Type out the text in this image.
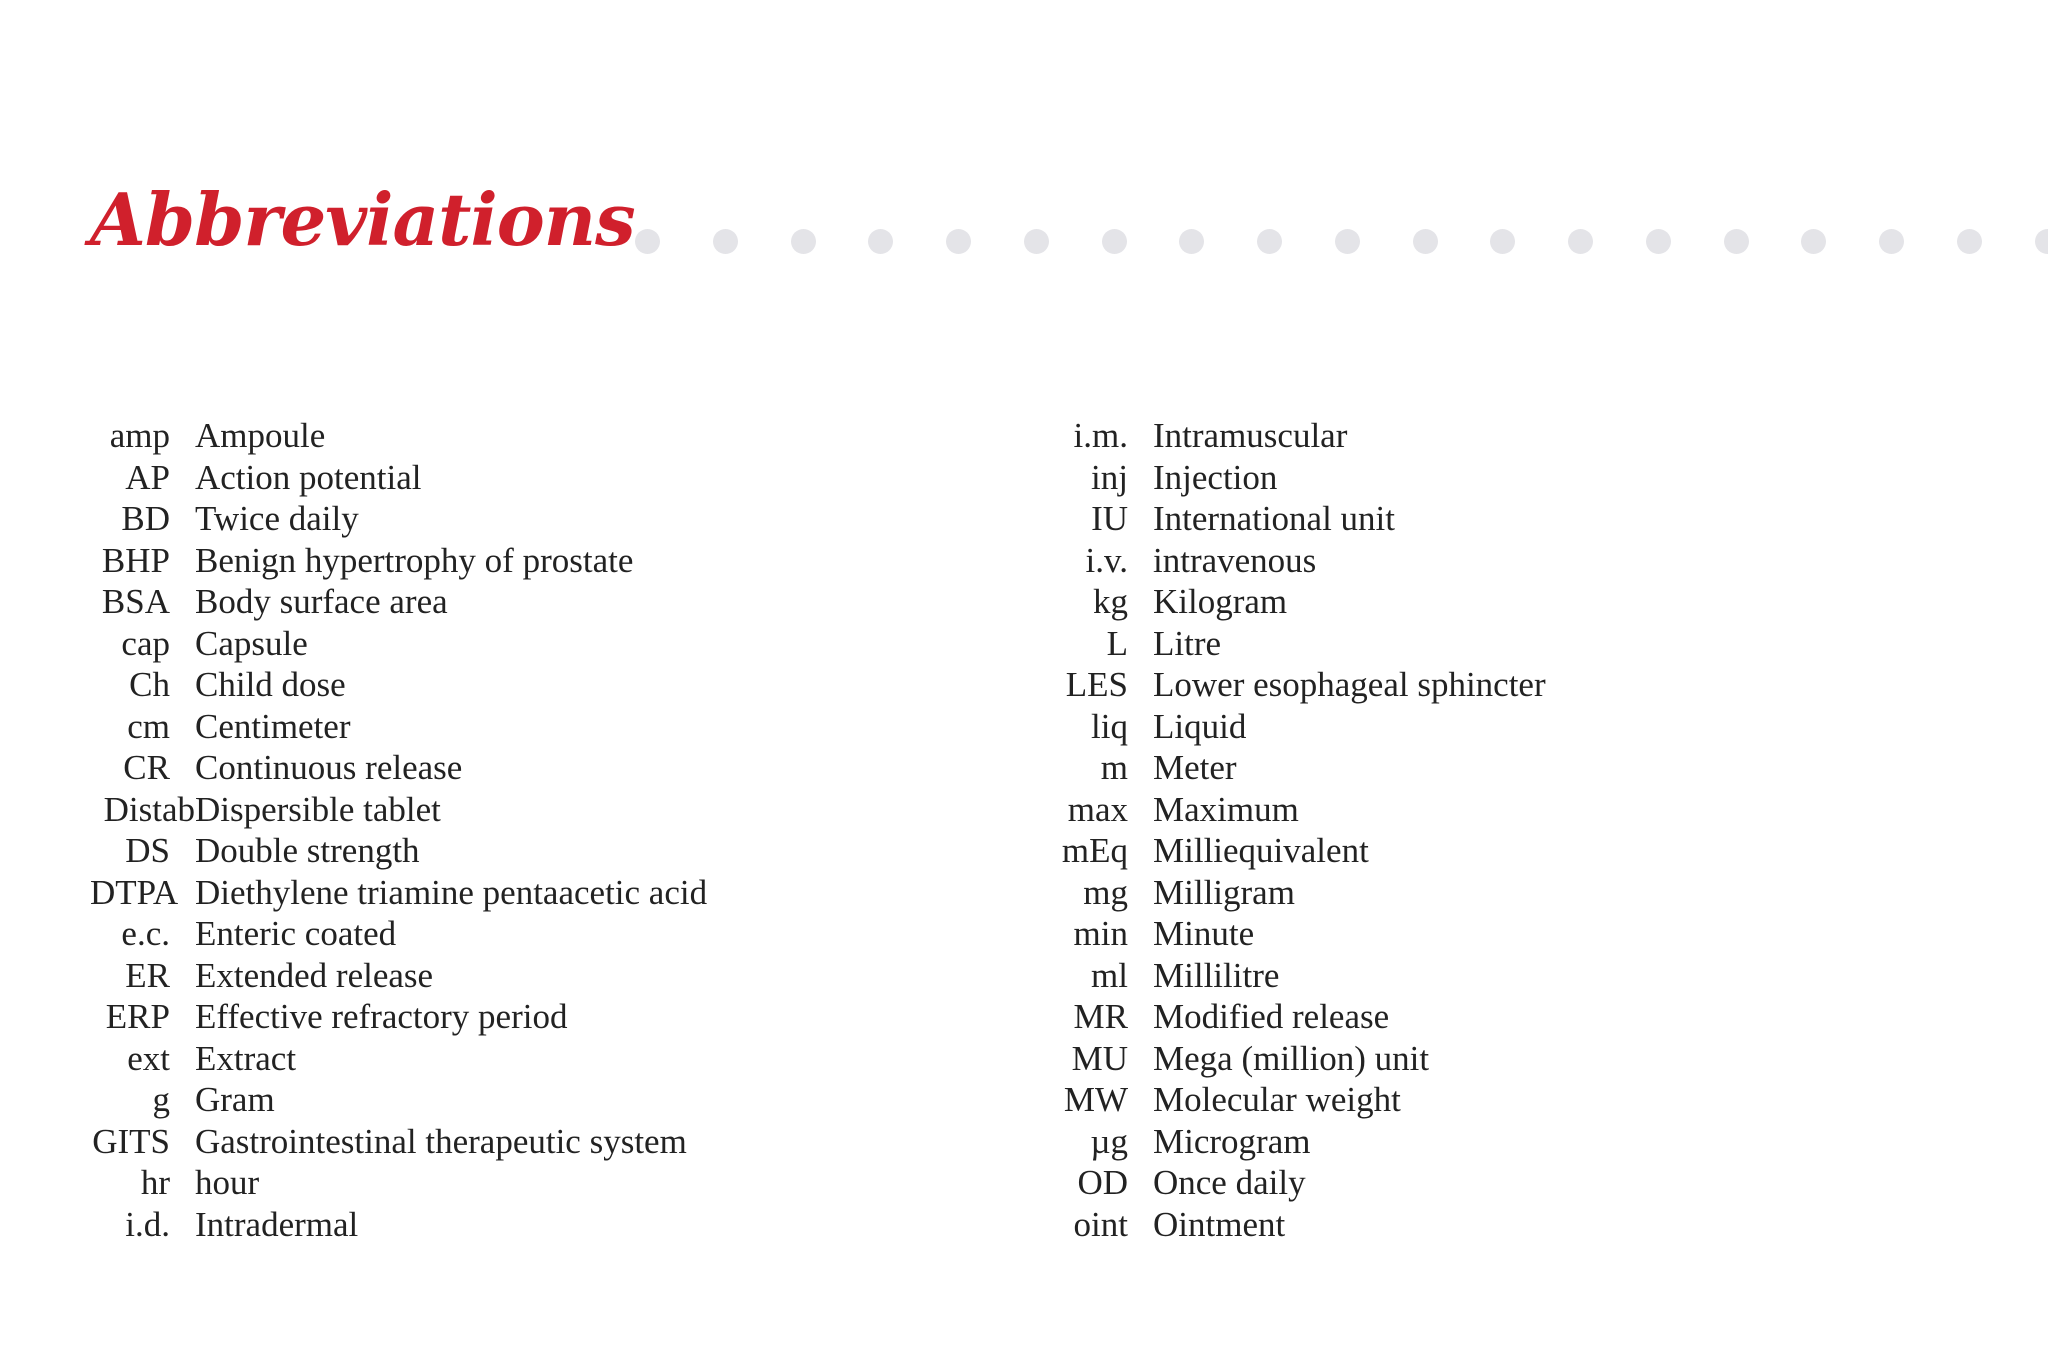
Abbreviations
amp Ampoule
AP Action potential
BD Twice daily
BHP Benign hypertrophy of prostate
BSA Body surface area
cap Capsule
Ch Child dose
cm Centimeter
CR Continuous release
Distab Dispersible tablet
DS Double strength
DTPA Diethylene triamine pentaacetic acid
e.c. Enteric coated
ER Extended release
ERP Effective refractory period
ext Extract
g Gram
GITS Gastrointestinal therapeutic system
hr hour
i.d. Intradermal
i.m. Intramuscular
inj Injection
IU International unit
i.v. intravenous
kg Kilogram
L Litre
LES Lower esophageal sphincter
liq Liquid
m Meter
max Maximum
mEq Milliequivalent
mg Milligram
min Minute
ml Millilitre
MR Modified release
MU Mega (million) unit
MW Molecular weight
µg Microgram
OD Once daily
oint Ointment
